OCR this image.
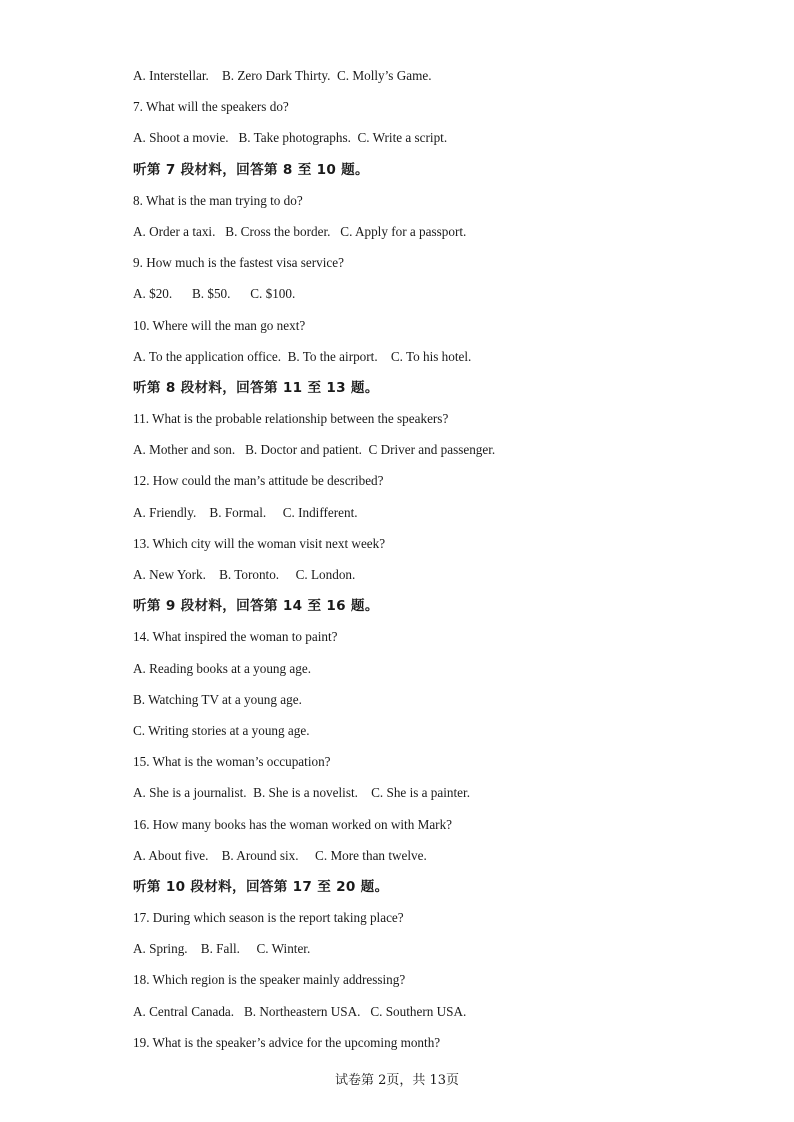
A. Interstellar.    B. Zero Dark Thirty.  C. Molly’s Game.
7. What will the speakers do?
A. Shoot a movie.   B. Take photographs.  C. Write a script.
听第 7 段材料，回答第 8 至 10 题。
8. What is the man trying to do?
A. Order a taxi.   B. Cross the border.   C. Apply for a passport.
9. How much is the fastest visa service?
A. $20.      B. $50.      C. $100.
10. Where will the man go next?
A. To the application office.  B. To the airport.    C. To his hotel.
听第 8 段材料，回答第 11 至 13 题。
11. What is the probable relationship between the speakers?
A. Mother and son.   B. Doctor and patient.  C Driver and passenger.
12. How could the man’s attitude be described?
A. Friendly.    B. Formal.     C. Indifferent.
13. Which city will the woman visit next week?
A. New York.    B. Toronto.     C. London.
听第 9 段材料，回答第 14 至 16 题。
14. What inspired the woman to paint?
A. Reading books at a young age.
B. Watching TV at a young age.
C. Writing stories at a young age.
15. What is the woman’s occupation?
A. She is a journalist.  B. She is a novelist.    C. She is a painter.
16. How many books has the woman worked on with Mark?
A. About five.    B. Around six.     C. More than twelve.
听第 10 段材料，回答第 17 至 20 题。
17. During which season is the report taking place?
A. Spring.    B. Fall.     C. Winter.
18. Which region is the speaker mainly addressing?
A. Central Canada.   B. Northeastern USA.   C. Southern USA.
19. What is the speaker’s advice for the upcoming month?
试卷第 2页，共 13页
